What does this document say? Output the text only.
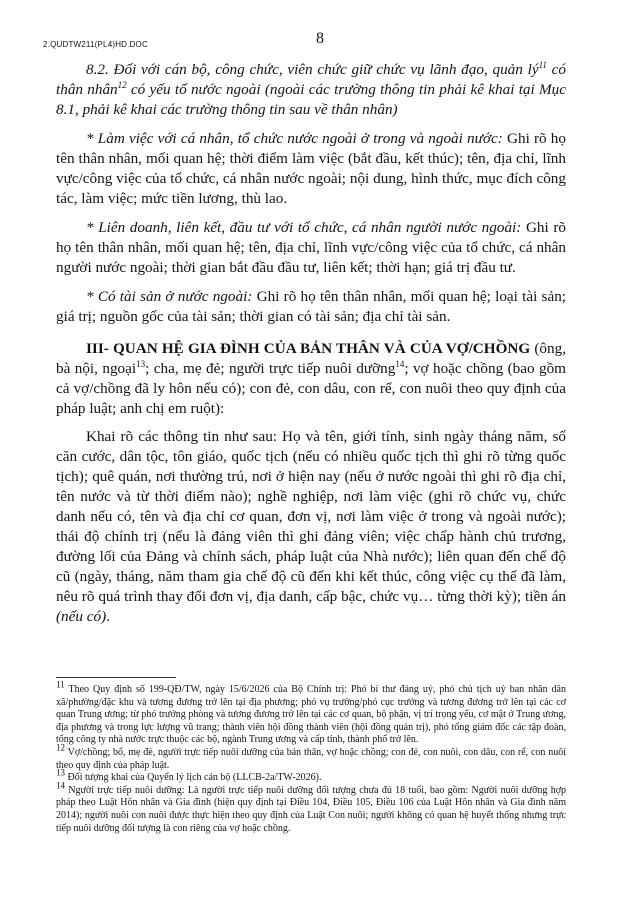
2.QUDTW211(PL4)HD.DOC	8

8.2. Đối với cán bộ, công chức, viên chức giữ chức vụ lãnh đạo, quản $lý^{11}$ có thân nhân$^{12}$ có yếu tố nước ngoài (ngoài các trường thông tin phải kê khai tại Mục 8.1, phải kê khai các trường thông tin sau về thân nhân)

* Làm việc với cá nhân, tổ chức nước ngoài ở trong và ngoài nước: Ghi rõ họ tên thân nhân, mối quan hệ; thời điểm làm việc (bắt đầu, kết thúc); tên, địa chỉ, lĩnh vực/công việc của tổ chức, cá nhân nước ngoài; nội dung, hình thức, mục đích công tác, làm việc; mức tiền lương, thù lao.

* Liên doanh, liên kết, đầu tư với tổ chức, cá nhân người nước ngoài: Ghi rõ họ tên thân nhân, mối quan hệ; tên, địa chỉ, lĩnh vực/công việc của tổ chức, cá nhân người nước ngoài; thời gian bắt đầu đầu tư, liên kết; thời hạn; giá trị đầu tư.

* Có tài sản ở nước ngoài: Ghi rõ họ tên thân nhân, mối quan hệ; loại tài sản; giá trị; nguồn gốc của tài sản; thời gian có tài sản; địa chỉ tài sản.

III- QUAN HỆ GIA ĐÌNH CỦA BẢN THÂN VÀ CỦA VỢ/CHỒNG (ông, bà nội, ngoại$^{13}$; cha, mẹ đẻ; người trực tiếp nuôi dưỡng$^{14}$; vợ hoặc chồng (bao gồm cả vợ/chồng đã ly hôn nếu có); con đẻ, con dâu, con rể, con nuôi theo quy định của pháp luật; anh chị em ruột):

Khai rõ các thông tin như sau: Họ và tên, giới tính, sinh ngày tháng năm, số căn cước, dân tộc, tôn giáo, quốc tịch (nếu có nhiều quốc tịch thì ghi rõ từng quốc tịch); quê quán, nơi thường trú, nơi ở hiện nay (nếu ở nước ngoài thì ghi rõ địa chỉ, tên nước và từ thời điểm nào); nghề nghiệp, nơi làm việc (ghi rõ chức vụ, chức danh nếu có, tên và địa chỉ cơ quan, đơn vị, nơi làm việc ở trong và ngoài nước); thái độ chính trị (nếu là đảng viên thì ghi đảng viên; việc chấp hành chủ trương, đường lối của Đảng và chính sách, pháp luật của Nhà nước); liên quan đến chế độ cũ (ngày, tháng, năm tham gia chế độ cũ đến khi kết thúc, công việc cụ thể đã làm, nêu rõ quá trình thay đổi đơn vị, địa danh, cấp bậc, chức vụ… từng thời kỳ); tiền án (nếu có).

$^{11}$ Theo Quy định số 199-QĐ/TW, ngày 15/6/2026 của Bộ Chính trị: Phó bí thư đảng uỷ, phó chủ tịch uỷ ban nhân dân xã/phường/đặc khu và tương đương trở lên tại địa phương; phó vụ trưởng/phó cục trưởng và tương đương trở lên tại các cơ quan Trung ương; từ phó trưởng phòng và tương đương trở lên tại các cơ quan, bộ phận, vị trí trọng yếu, cơ mật ở Trung ương, địa phương và trong lực lượng vũ trang; thành viên hội đồng thành viên (hội đồng quản trị), phó tổng giám đốc các tập đoàn, tổng công ty nhà nước trực thuộc các bộ, ngành Trung ương và cấp tỉnh, thành phố trở lên.

$^{12}$ Vợ/chồng; bố, mẹ đẻ, người trực tiếp nuôi dưỡng của bản thân, vợ hoặc chồng; con đẻ, con nuôi, con dâu, con rể, con nuôi theo quy định của pháp luật.

$^{13}$ Đối tượng khai của Quyển lý lịch cán bộ (LLCB-2a/TW-2026).

$^{14}$ Người trực tiếp nuôi dưỡng: Là người trực tiếp nuôi dưỡng đối tượng chưa đủ 18 tuổi, bao gồm: Người nuôi dưỡng hợp pháp theo Luật Hôn nhân và Gia đình (hiện quy định tại Điều 104, Điều 105, Điều 106 của Luật Hôn nhân và Gia đình năm 2014); người nuôi con nuôi được thực hiện theo quy định của Luật Con nuôi; người không có quan hệ huyết thống nhưng trực tiếp nuôi dưỡng đối tượng là con riêng của vợ hoặc chồng.
